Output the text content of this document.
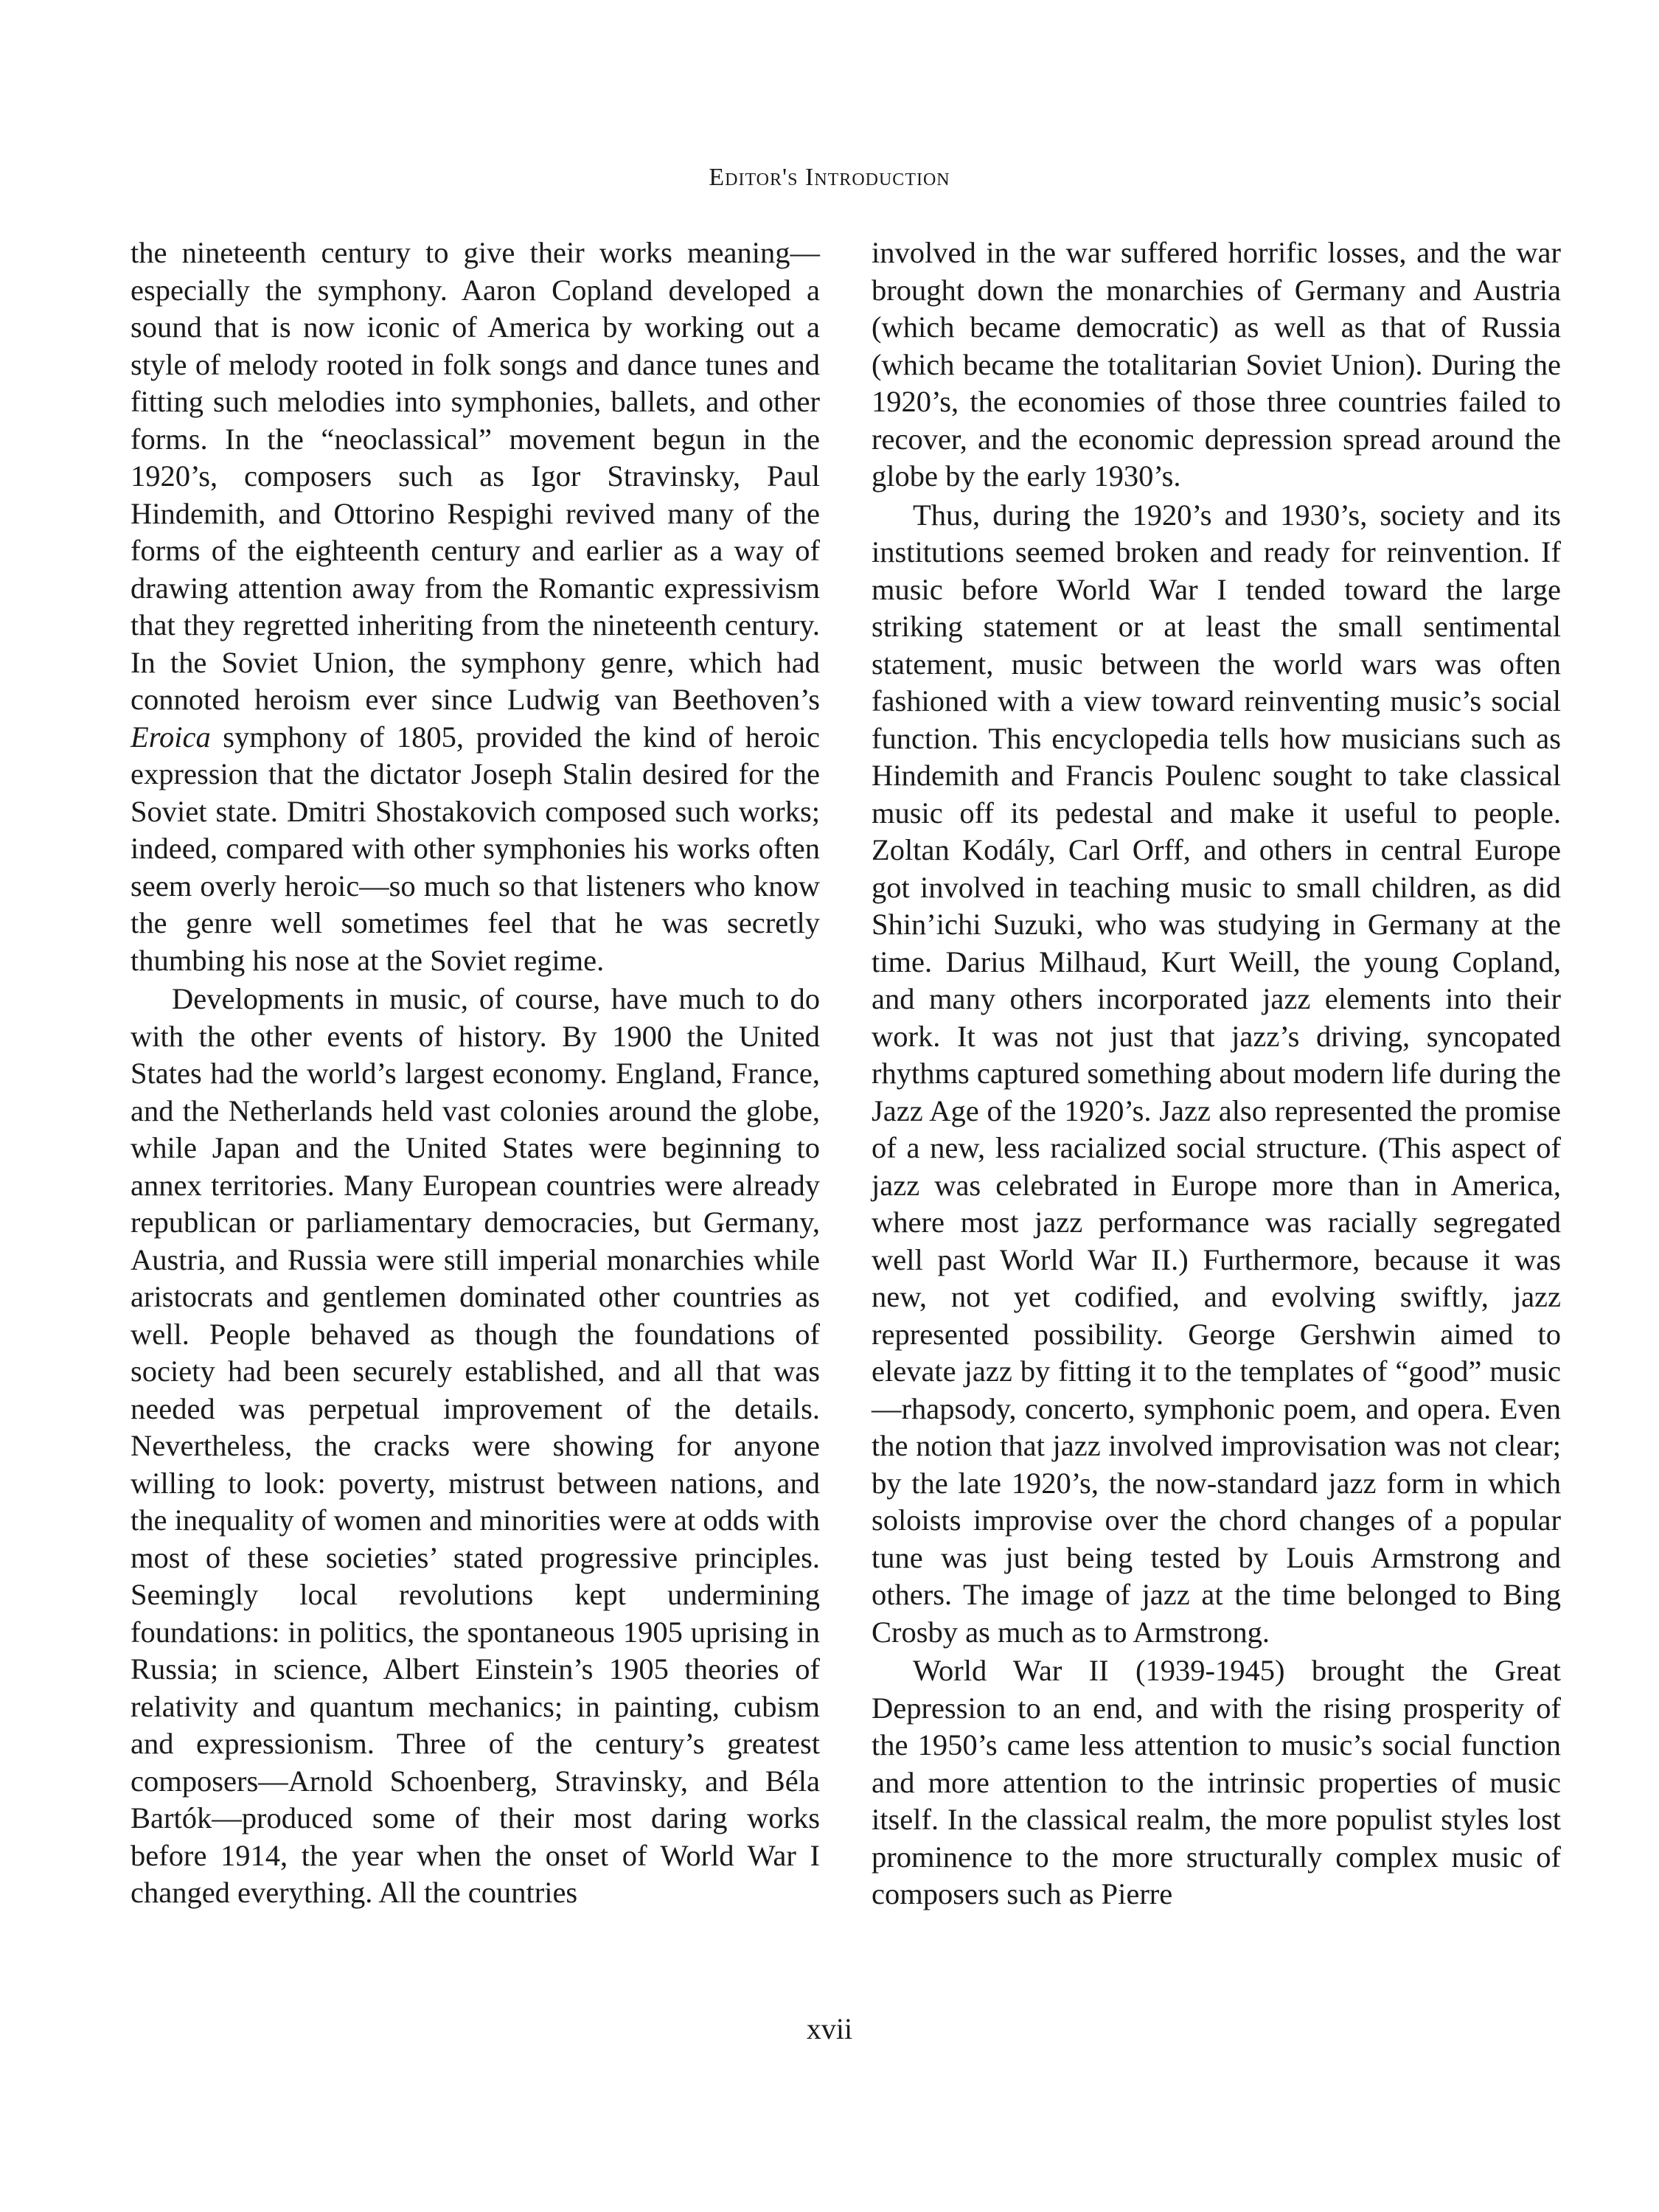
Editor's Introduction

the nineteenth century to give their works meaning—especially the symphony. Aaron Copland developed a sound that is now iconic of America by working out a style of melody rooted in folk songs and dance tunes and fitting such melodies into symphonies, ballets, and other forms. In the “neoclassical” movement begun in the 1920’s, composers such as Igor Stravinsky, Paul Hindemith, and Ottorino Respighi revived many of the forms of the eighteenth century and earlier as a way of drawing attention away from the Romantic expressivism that they regretted inheriting from the nineteenth century. In the Soviet Union, the symphony genre, which had connoted heroism ever since Ludwig van Beethoven’s Eroica symphony of 1805, provided the kind of heroic expression that the dictator Joseph Stalin desired for the Soviet state. Dmitri Shostakovich composed such works; indeed, compared with other symphonies his works often seem overly heroic—so much so that listeners who know the genre well sometimes feel that he was secretly thumbing his nose at the Soviet regime.

Developments in music, of course, have much to do with the other events of history. By 1900 the United States had the world’s largest economy. England, France, and the Netherlands held vast colonies around the globe, while Japan and the United States were beginning to annex territories. Many European countries were already republican or parliamentary democracies, but Germany, Austria, and Russia were still imperial monarchies while aristocrats and gentlemen dominated other countries as well. People behaved as though the foundations of society had been securely established, and all that was needed was perpetual improvement of the details. Nevertheless, the cracks were showing for anyone willing to look: poverty, mistrust between nations, and the inequality of women and minorities were at odds with most of these societies’ stated progressive principles. Seemingly local revolutions kept undermining foundations: in politics, the spontaneous 1905 uprising in Russia; in science, Albert Einstein’s 1905 theories of relativity and quantum mechanics; in painting, cubism and expressionism. Three of the century’s greatest composers—Arnold Schoenberg, Stravinsky, and Béla Bartók—produced some of their most daring works before 1914, the year when the onset of World War I changed everything. All the countries

involved in the war suffered horrific losses, and the war brought down the monarchies of Germany and Austria (which became democratic) as well as that of Russia (which became the totalitarian Soviet Union). During the 1920’s, the economies of those three countries failed to recover, and the economic depression spread around the globe by the early 1930’s.

Thus, during the 1920’s and 1930’s, society and its institutions seemed broken and ready for reinvention. If music before World War I tended toward the large striking statement or at least the small sentimental statement, music between the world wars was often fashioned with a view toward reinventing music’s social function. This encyclopedia tells how musicians such as Hindemith and Francis Poulenc sought to take classical music off its pedestal and make it useful to people. Zoltan Kodály, Carl Orff, and others in central Europe got involved in teaching music to small children, as did Shin’ichi Suzuki, who was studying in Germany at the time. Darius Milhaud, Kurt Weill, the young Copland, and many others incorporated jazz elements into their work. It was not just that jazz’s driving, syncopated rhythms captured something about modern life during the Jazz Age of the 1920’s. Jazz also represented the promise of a new, less racialized social structure. (This aspect of jazz was celebrated in Europe more than in America, where most jazz performance was racially segregated well past World War II.) Furthermore, because it was new, not yet codified, and evolving swiftly, jazz represented possibility. George Gershwin aimed to elevate jazz by fitting it to the templates of “good” music—rhapsody, concerto, symphonic poem, and opera. Even the notion that jazz involved improvisation was not clear; by the late 1920’s, the now-standard jazz form in which soloists improvise over the chord changes of a popular tune was just being tested by Louis Armstrong and others. The image of jazz at the time belonged to Bing Crosby as much as to Armstrong.

World War II (1939-1945) brought the Great Depression to an end, and with the rising prosperity of the 1950’s came less attention to music’s social function and more attention to the intrinsic properties of music itself. In the classical realm, the more populist styles lost prominence to the more structurally complex music of composers such as Pierre

xvii
